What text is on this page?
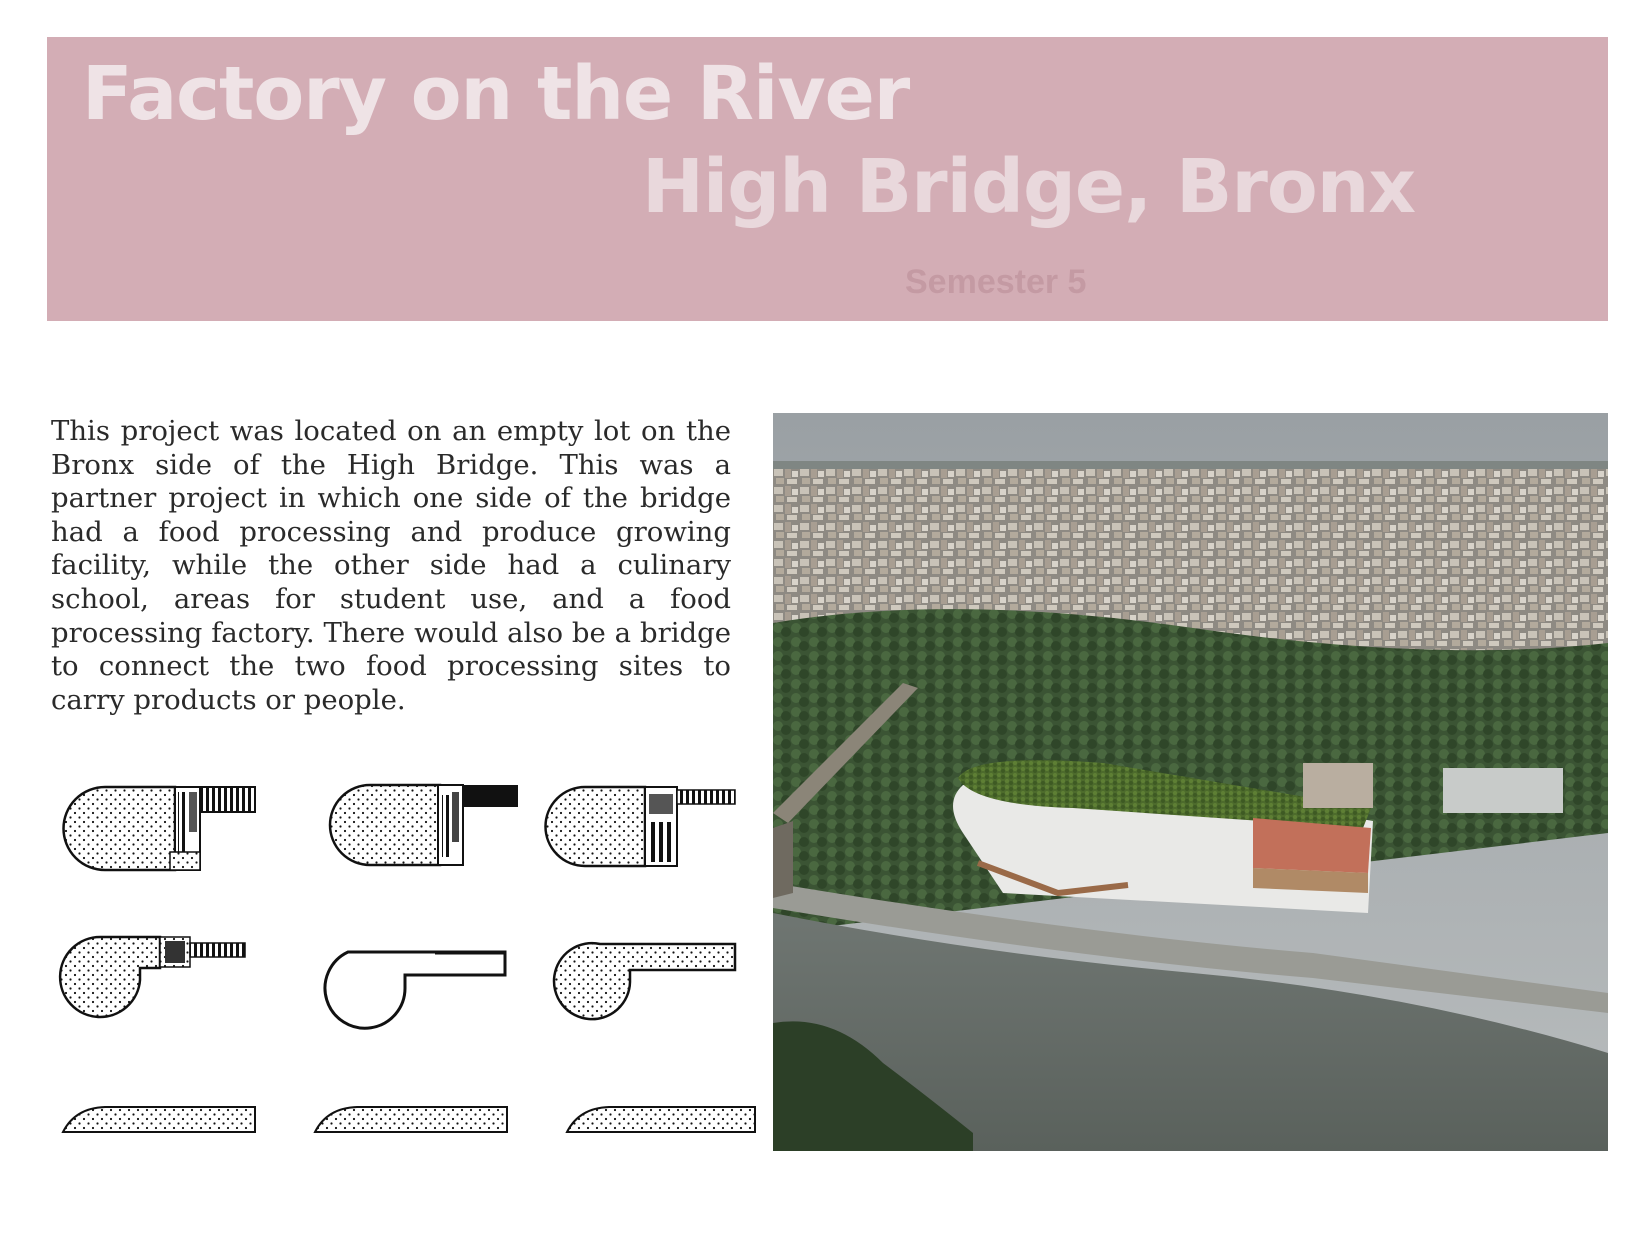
Factory on the River
High Bridge, Bronx
Semester 5

This project was located on an empty lot on the Bronx side of the High Bridge. This was a partner project in which one side of the bridge had a food processing and produce growing facility, while the other side had a culinary school, areas for student use, and a food processing factory. There would also be a bridge to connect the two food processing sites to carry products or people.
